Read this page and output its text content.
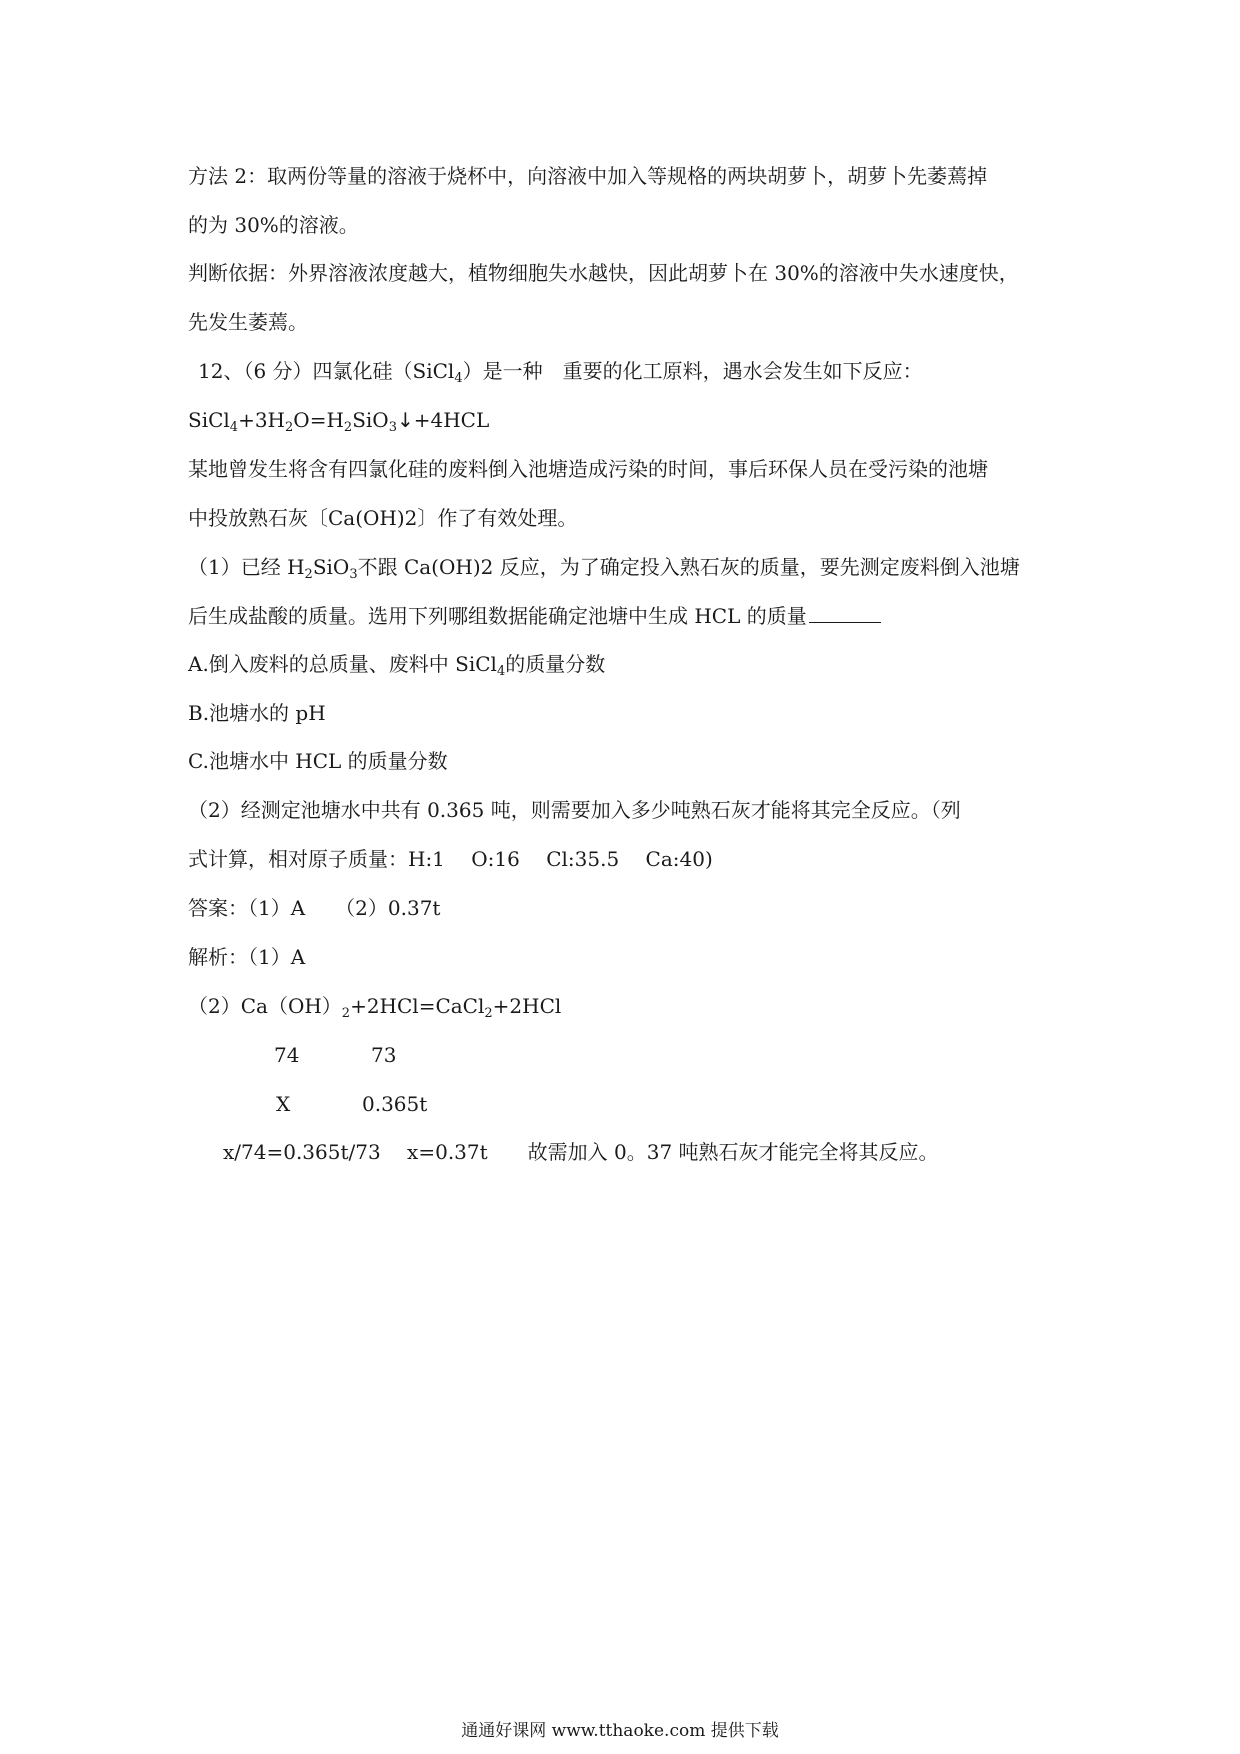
方法 2：取两份等量的溶液于烧杯中，向溶液中加入等规格的两块胡萝卜，胡萝卜先萎蔫掉
的为 30%的溶液。
判断依据：外界溶液浓度越大，植物细胞失水越快，因此胡萝卜在 30%的溶液中失水速度快，
先发生萎蔫。
12、（6 分）四氯化硅（SiCl$_4$）是一种　重要的化工原料，遇水会发生如下反应：
$SiCl_4+3H_2O=H_2SiO_3↓+4HCL$
某地曾发生将含有四氯化硅的废料倒入池塘造成污染的时间，事后环保人员在受污染的池塘
中投放熟石灰〔Ca(OH)2〕作了有效处理。
（1）已经 $H_2SiO_3$不跟 Ca(OH)2 反应，为了确定投入熟石灰的质量，要先测定废料倒入池塘
后生成盐酸的质量。选用下列哪组数据能确定池塘中生成 HCL 的质量
A.倒入废料的总质量、废料中 SiCl$_4$的质量分数
B.池塘水的 pH
C.池塘水中 HCL 的质量分数
（2）经测定池塘水中共有 0.365 吨，则需要加入多少吨熟石灰才能将其完全反应。（列
式计算，相对原子质量：H:1　 O:16　 Cl:35.5　 Ca:40)
答案：（1）A　　（2）0.37t
解析：（1）A
$(2)Ca(OH)_2+2HCl=CaCl_2+2HCl$
74	73
X	0.365t
x/74=0.365t/73　 x=0.37t　　故需加入 0。37 吨熟石灰才能完全将其反应。
通通好课网 www.tthaoke.com 提供下载
